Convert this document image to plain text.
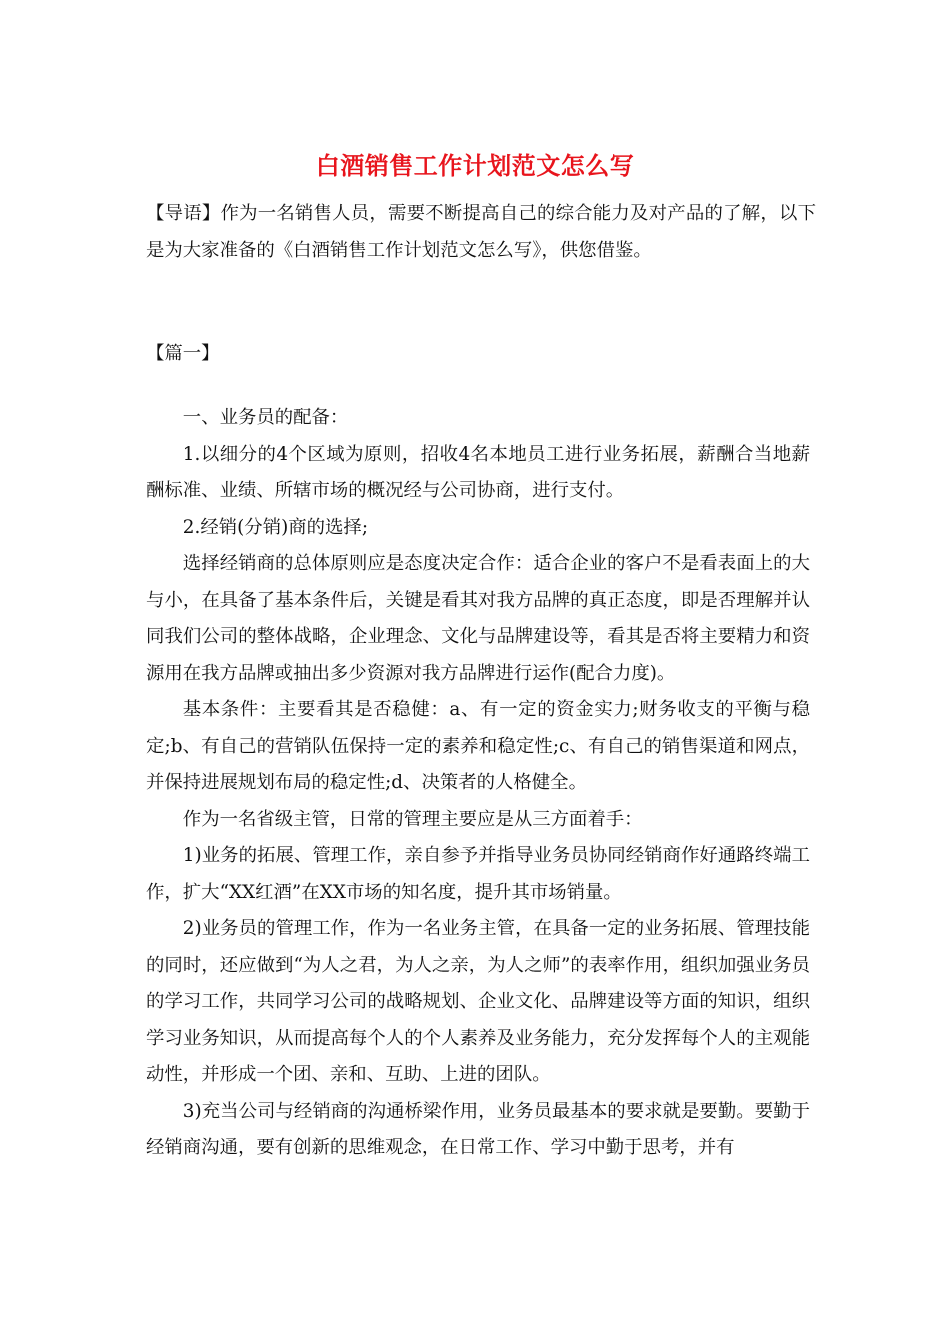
白酒销售工作计划范文怎么写
【导语】作为一名销售人员，需要不断提高自己的综合能力及对产品的了解，以下是为大家准备的《白酒销售工作计划范文怎么写》，供您借鉴。
【篇一】

一、业务员的配备：

1.以细分的4个区域为原则，招收4名本地员工进行业务拓展，薪酬合当地薪酬标准、业绩、所辖市场的概况经与公司协商，进行支付。

2.经销(分销)商的选择;

选择经销商的总体原则应是态度决定合作：适合企业的客户不是看表面上的大与小，在具备了基本条件后，关键是看其对我方品牌的真正态度，即是否理解并认同我们公司的整体战略，企业理念、文化与品牌建设等，看其是否将主要精力和资源用在我方品牌或抽出多少资源对我方品牌进行运作(配合力度)。

基本条件：主要看其是否稳健：a、有一定的资金实力;财务收支的平衡与稳定;b、有自己的营销队伍保持一定的素养和稳定性;c、有自己的销售渠道和网点，并保持进展规划布局的稳定性;d、决策者的人格健全。

作为一名省级主管，日常的管理主要应是从三方面着手：

1)业务的拓展、管理工作，亲自参予并指导业务员协同经销商作好通路终端工作，扩大“XX红酒”在XX市场的知名度，提升其市场销量。

2)业务员的管理工作，作为一名业务主管，在具备一定的业务拓展、管理技能的同时，还应做到“为人之君，为人之亲，为人之师”的表率作用，组织加强业务员的学习工作，共同学习公司的战略规划、企业文化、品牌建设等方面的知识，组织学习业务知识，从而提高每个人的个人素养及业务能力，充分发挥每个人的主观能动性，并形成一个团、亲和、互助、上进的团队。

3)充当公司与经销商的沟通桥梁作用，业务员最基本的要求就是要勤。要勤于经销商沟通，要有创新的思维观念，在日常工作、学习中勤于思考，并有
